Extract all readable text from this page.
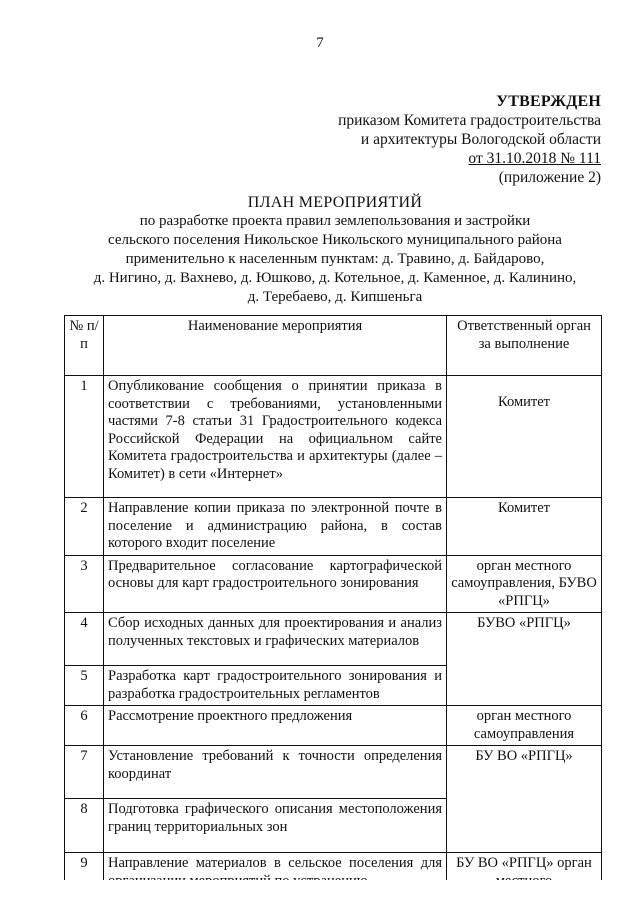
7
УТВЕРЖДЕН
приказом Комитета градостроительства
и архитектуры Вологодской области
от 31.10.2018 № 111
(приложение 2)
ПЛАН МЕРОПРИЯТИЙ
по разработке проекта правил землепользования и застройки
сельского поселения Никольское Никольского муниципального района
применительно к населенным пунктам: д. Травино, д. Байдарово,
д. Нигино, д. Вахнево, д. Юшково, д. Котельное, д. Каменное, д. Калинино,
д. Теребаево, д. Кипшеньга
№ п/п	Наименование мероприятия	Ответственный орган за выполнение
1	Опубликование сообщения о принятии приказа в соответствии с требованиями, установленными частями 7-8 статьи 31 Градостроительного кодекса Российской Федерации на официальном сайте Комитета градостроительства и архитектуры (далее – Комитет) в сети «Интернет»	Комитет
2	Направление копии приказа по электронной почте в поселение и администрацию района, в состав которого входит поселение	Комитет
3	Предварительное согласование картографической основы для карт градостроительного зонирования	орган местного самоуправления, БУВО «РПГЦ»
4	Сбор исходных данных для проектирования и анализ полученных текстовых и графических материалов	БУВО «РПГЦ»
5	Разработка карт градостроительного зонирования и разработка градостроительных регламентов	
6	Рассмотрение проектного предложения	орган местного самоуправления
7	Установление требований к точности определения координат	БУ ВО «РПГЦ»
8	Подготовка графического описания местоположения границ территориальных зон	
9	Направление материалов в сельское поселения для	БУ ВО «РПГЦ» орган
